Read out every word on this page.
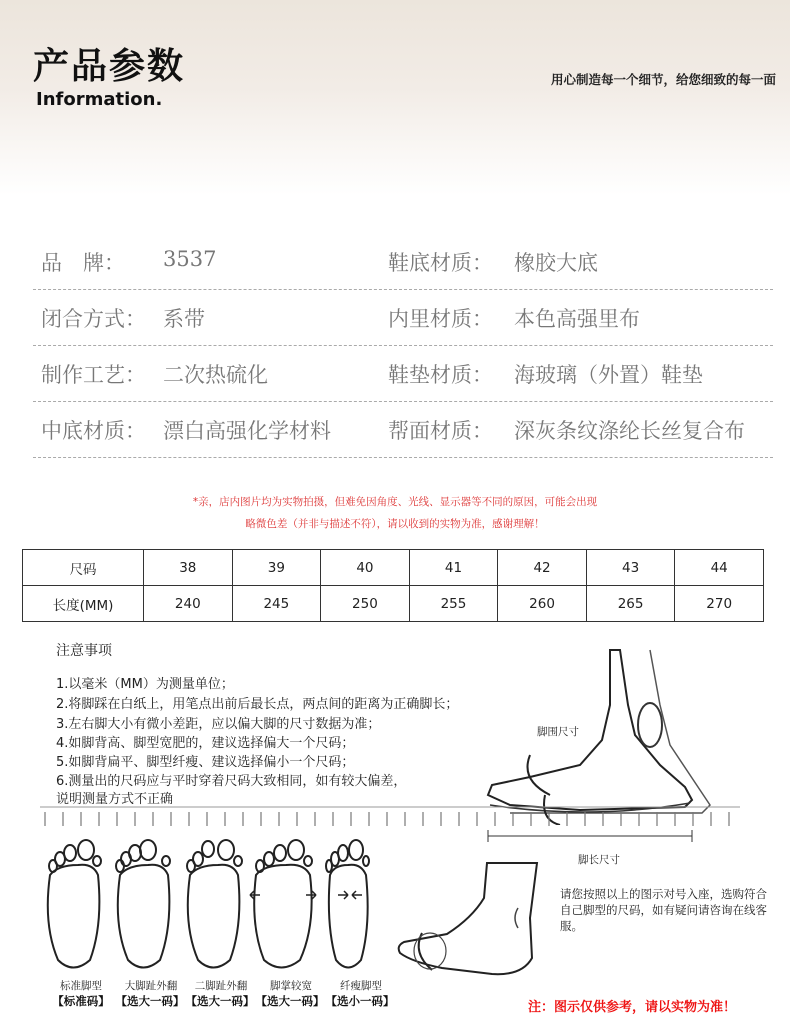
产品参数
Information.
用心制造每一个细节，给您细致的每一面
品　牌： 3537	鞋底材质： 橡胶大底
闭合方式： 系带	内里材质： 本色高强里布
制作工艺： 二次热硫化	鞋垫材质： 海玻璃（外置）鞋垫
中底材质： 漂白高强化学材料	帮面材质： 深灰条纹涤纶长丝复合布
*亲，店内图片均为实物拍摄，但难免因角度、光线、显示器等不同的原因，可能会出现
略微色差（并非与描述不符），请以收到的实物为准，感谢理解！
尺码	38	39	40	41	42	43	44
长度(MM)	240	245	250	255	260	265	270
注意事项
1.以毫米（MM）为测量单位；
2.将脚踩在白纸上，用笔点出前后最长点，两点间的距离为正确脚长；
3.左右脚大小有微小差距，应以偏大脚的尺寸数据为准；
4.如脚背高、脚型宽肥的，建议选择偏大一个尺码；
5.如脚背扁平、脚型纤瘦、建议选择偏小一个尺码；
6.测量出的尺码应与平时穿着尺码大致相同，如有较大偏差，
说明测量方式不正确
脚围尺寸
脚长尺寸
标准脚型	大脚趾外翻	二脚趾外翻	脚掌较宽	纤瘦脚型
【标准码】 【选大一码】 【选大一码】 【选大一码】 【选小一码】
请您按照以上的图示对号入座，选购符合自己脚型的尺码，如有疑问请咨询在线客服。
注：图示仅供参考，请以实物为准！
